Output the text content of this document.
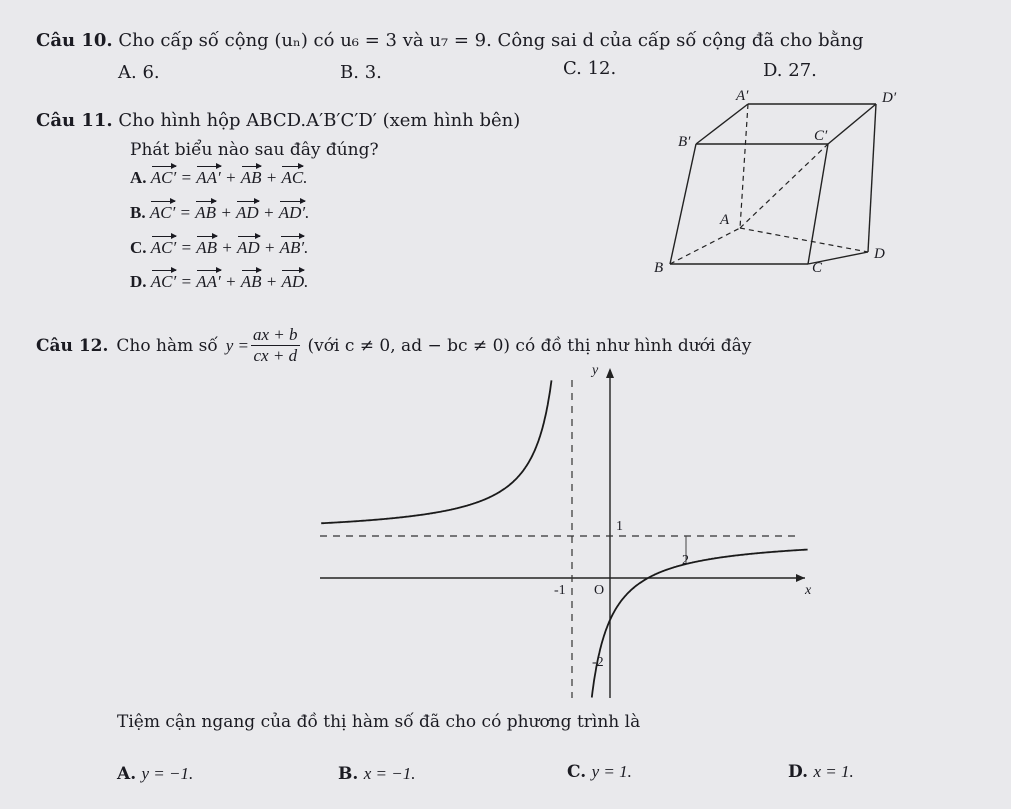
Câu 10. Cho cấp số cộng (uₙ) có u₆ = 3 và u₇ = 9. Công sai d của cấp số cộng đã cho bằng
A. 6.	B. 3.	C. 12.	D. 27.
Câu 11. Cho hình hộp ABCD.A′B′C′D′ (xem hình bên)
Phát biểu nào sau đây đúng?
A. AC′ = AA′ + AB + AC.
B. AC′ = AB + AD + AD′.
C. AC′ = AB + AD + AB′.
D. AC′ = AA′ + AB + AD.
A′	D′
B′	C′
A
D
B	C
Câu 12. Cho hàm số $y = \frac{ax + b}{cx + d}$ (với c ≠ 0, ad − bc ≠ 0) có đồ thị như hình dưới đây
y
x
O
1
-2
-1
2
Tiệm cận ngang của đồ thị hàm số đã cho có phương trình là
A. y = −1.	B. x = −1.	C. y = 1.	D. x = 1.
